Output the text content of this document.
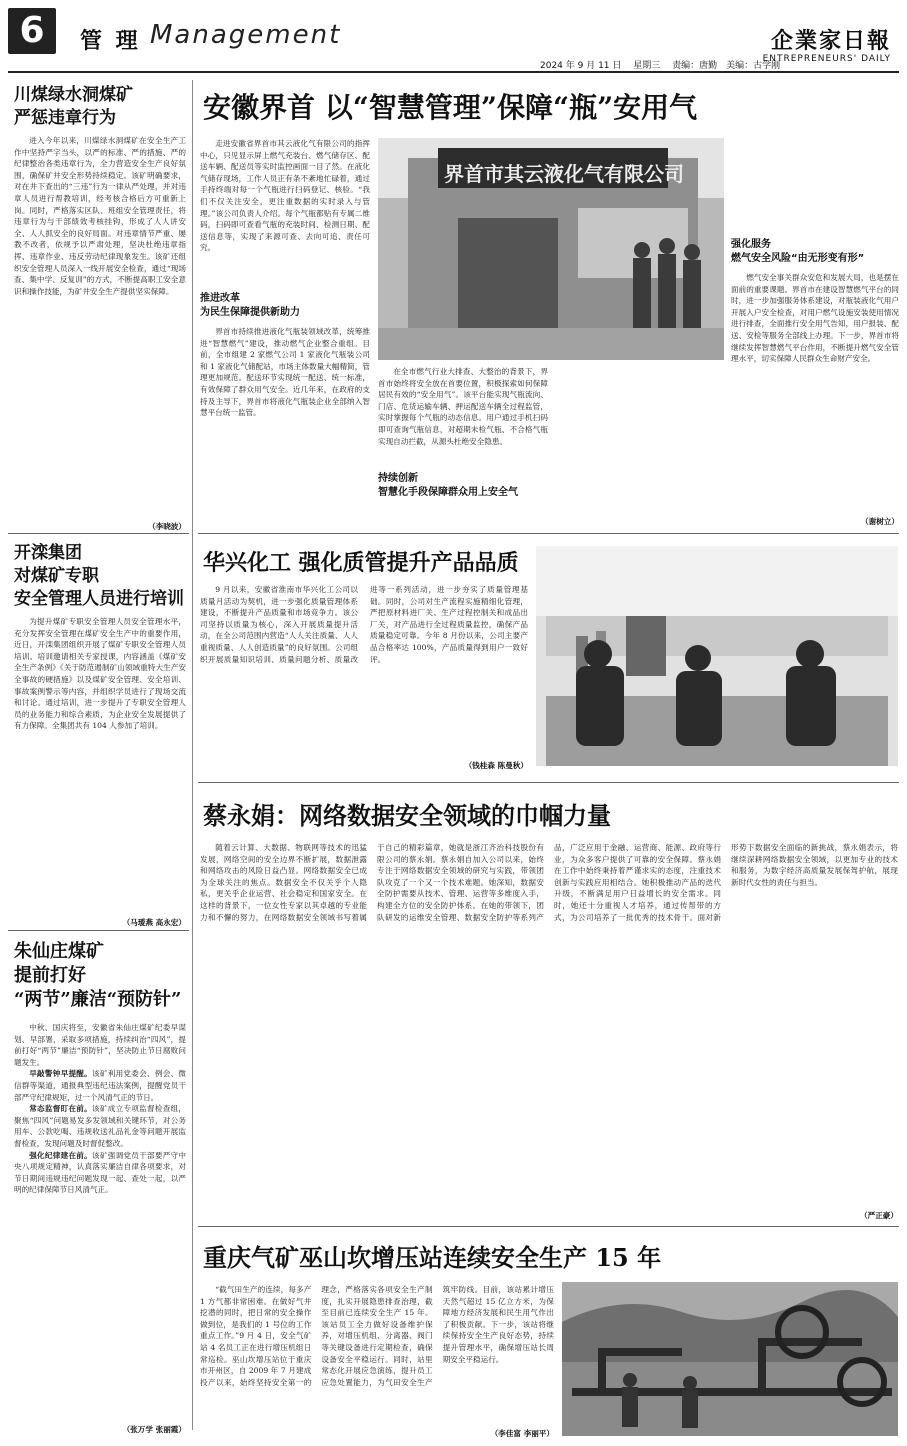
6	管 理 Management	企業家日報
ENTREPRENEURS' DAILY
2024 年 9 月 11 日 　星期三 　责编：唐勤　美编：古学刚
川煤绿水洞煤矿
严惩违章行为
进入今年以来，川煤绿水洞煤矿在安全生产工作中坚持严字当头，以严的标准、严的措施、严的纪律整治各类违章行为，全力营造安全生产良好氛围，确保矿井安全形势持续稳定。该矿明确要求，对在井下查出的“三违”行为一律从严处理，并对违章人员进行帮教培训，经考核合格后方可重新上岗。同时，严格落实区队、班组安全管理责任，将违章行为与干部绩效考核挂钩，形成了人人讲安全、人人抓安全的良好局面。对违章情节严重、屡教不改者，依规予以严肃处理，坚决杜绝违章指挥、违章作业、违反劳动纪律现象发生。该矿还组织安全管理人员深入一线开展安全检查，通过“现场查、集中学、反复训”的方式，不断提高职工安全意识和操作技能，为矿井安全生产提供坚实保障。
（李晓波）
开滦集团
对煤矿专职
安全管理人员进行培训
为提升煤矿专职安全管理人员安全管理水平，充分发挥安全管理在煤矿安全生产中的重要作用，近日，开滦集团组织开展了煤矿专职安全管理人员培训。培训邀请相关专家授课，内容涵盖《煤矿安全生产条例》《关于防范遏制矿山领域重特大生产安全事故的硬措施》以及煤矿安全管理、安全培训、事故案例警示等内容，并组织学员进行了现场交流和讨论。通过培训，进一步提升了专职安全管理人员的业务能力和综合素质，为企业安全发展提供了有力保障。全集团共有 104 人参加了培训。
（马瑷燕 高永宏）
朱仙庄煤矿
提前打好
“两节”廉洁“预防针”
中秋、国庆将至，安徽省朱仙庄煤矿纪委早谋划、早部署，采取多项措施，持续纠治“四风”，提前打好“两节”廉洁“预防针”，坚决防止节日腐败问题发生。
早敲警钟早提醒。该矿利用党委会、例会、微信群等渠道，通报典型违纪违法案例，提醒党员干部严守纪律规矩，过一个风清气正的节日。
常态监督盯在前。该矿成立专项监督检查组，聚焦“四风”问题易发多发领域和关键环节，对公务用车、公款吃喝、违规收送礼品礼金等问题开展监督检查，发现问题及时督促整改。
强化纪律建在前。该矿强调党员干部要严守中央八项规定精神，认真落实廉洁自律各项要求，对节日期间违规违纪问题发现一起、查处一起，以严明的纪律保障节日风清气正。
（张万学 张丽霞）
安徽界首 以“智慧管理”保障“瓶”安用气
走进安徽省界首市其云液化气有限公司的指挥中心，只见显示屏上燃气充装台、燃气储存区、配送车辆、配送员等实时监控画面一目了然。在液化气储存现场，工作人员正有条不紊地忙碌着，通过手持终端对每一个气瓶进行扫码登记、核验。“我们不仅关注安全，更注重数据的实时录入与管理。”该公司负责人介绍。每个气瓶都贴有专属二维码，扫码即可查看气瓶的充装时间、检测日期、配送信息等，实现了来源可查、去向可追、责任可究。
推进改革
为民生保障提供新助力
界首市持续推进液化气瓶装领域改革，统筹推进“智慧燃气”建设，推动燃气企业整合重组。目前，全市组建 2 家燃气公司 1 家液化气瓶装公司和 1 家液化气储配站，市场主体数量大幅精简，管理更加规范。配送环节实现统一配送、统一标准，有效保障了群众用气安全。近几年来，在政府的支持及主导下，界首市将液化气瓶装企业全部纳入智慧平台统一监管。
界首市其云液化气有限公司
在全市燃气行业大排查、大整治的背景下，界首市始终将安全放在首要位置，积极探索如何保障居民有效的“安全用气”。该平台能实现气瓶流向、门店、危货运输车辆、押运配送车辆全过程监管，实时掌握每个气瓶的动态信息。用户通过手机扫码即可查询气瓶信息，对超期未检气瓶、不合格气瓶实现自动拦截，从源头杜绝安全隐患。
持续创新
智慧化手段保障群众用上安全气
强化服务
燃气安全风险“由无形变有形”
燃气安全事关群众安危和发展大局，也是摆在面前的重要课题。界首市在建设智慧燃气平台的同时，进一步加强服务体系建设，对瓶装液化气用户开展入户安全检查，对用户燃气设施安装使用情况进行排查，全面推行安全用气告知，用户报装、配送、安检等服务全部线上办理。下一步，界首市将继续发挥智慧燃气平台作用，不断提升燃气安全管理水平，切实保障人民群众生命财产安全。
（谢树立）
华兴化工 强化质管提升产品品质
9 月以来，安徽省淮南市华兴化工公司以质量月活动为契机，进一步强化质量管理体系建设，不断提升产品质量和市场竞争力。该公司坚持以质量为核心，深入开展质量提升活动，在全公司范围内营造“人人关注质量、人人重视质量、人人创造质量”的良好氛围。公司组织开展质量知识培训、质量问题分析、质量改进等一系列活动，进一步夯实了质量管理基础。同时，公司对生产流程实施精细化管理，严把原材料进厂关、生产过程控制关和成品出厂关，对产品进行全过程质量监控，确保产品质量稳定可靠。今年 8 月份以来，公司主要产品合格率达 100%，产品质量得到用户一致好评。
（钱桂森 陈曼秋）
蔡永娟：网络数据安全领域的巾帼力量
随着云计算、大数据、物联网等技术的迅猛发展，网络空间的安全边界不断扩展，数据泄露和网络攻击的风险日益凸显。网络数据安全已成为全球关注的焦点。数据安全不仅关乎个人隐私，更关乎企业运营、社会稳定和国家安全。在这样的背景下，一位女性专家以其卓越的专业能力和不懈的努力，在网络数据安全领域书写着属于自己的精彩篇章，她就是浙江齐治科技股份有限公司的蔡永娟。蔡永娟自加入公司以来，始终专注于网络数据安全领域的研究与实践，带领团队攻克了一个又一个技术难题。她深知，数据安全防护需要从技术、管理、运营等多维度入手，构建全方位的安全防护体系。在她的带领下，团队研发的运维安全管理、数据安全防护等系列产品，广泛应用于金融、运营商、能源、政府等行业，为众多客户提供了可靠的安全保障。蔡永娟在工作中始终秉持着严谨求实的态度，注重技术创新与实践应用相结合。她积极推动产品的迭代升级，不断满足用户日益增长的安全需求。同时，她还十分重视人才培养，通过传帮带的方式，为公司培养了一批优秀的技术骨干。面对新形势下数据安全面临的新挑战，蔡永娟表示，将继续深耕网络数据安全领域，以更加专业的技术和服务，为数字经济高质量发展保驾护航，展现新时代女性的责任与担当。
（严正豪）
重庆气矿巫山坎增压站连续安全生产 15 年
“截气田生产的连续，每多产 1 方气都非常困难。在做好气井挖潜的同时，把日常的安全操作做到位，是我们的 1 号位的工作重点工作。”9 月 4 日，安全气矿站 4 名员工正在进行增压机组日常巡检。巫山坎增压站位于重庆市开州区，自 2009 年 7 月建成投产以来，始终坚持安全第一的理念，严格落实各项安全生产制度，扎实开展隐患排查治理，截至目前已连续安全生产 15 年。该站员工全力做好设备维护保养，对增压机组、分离器、阀门等关键设备进行定期检查，确保设备安全平稳运行。同时，站里常态化开展应急演练，提升员工应急处置能力，为气田安全生产筑牢防线。目前，该站累计增压天然气超过 15 亿立方米，为保障地方经济发展和民生用气作出了积极贡献。下一步，该站将继续保持安全生产良好态势，持续提升管理水平，确保增压站长周期安全平稳运行。
（李佳富 李丽平）
